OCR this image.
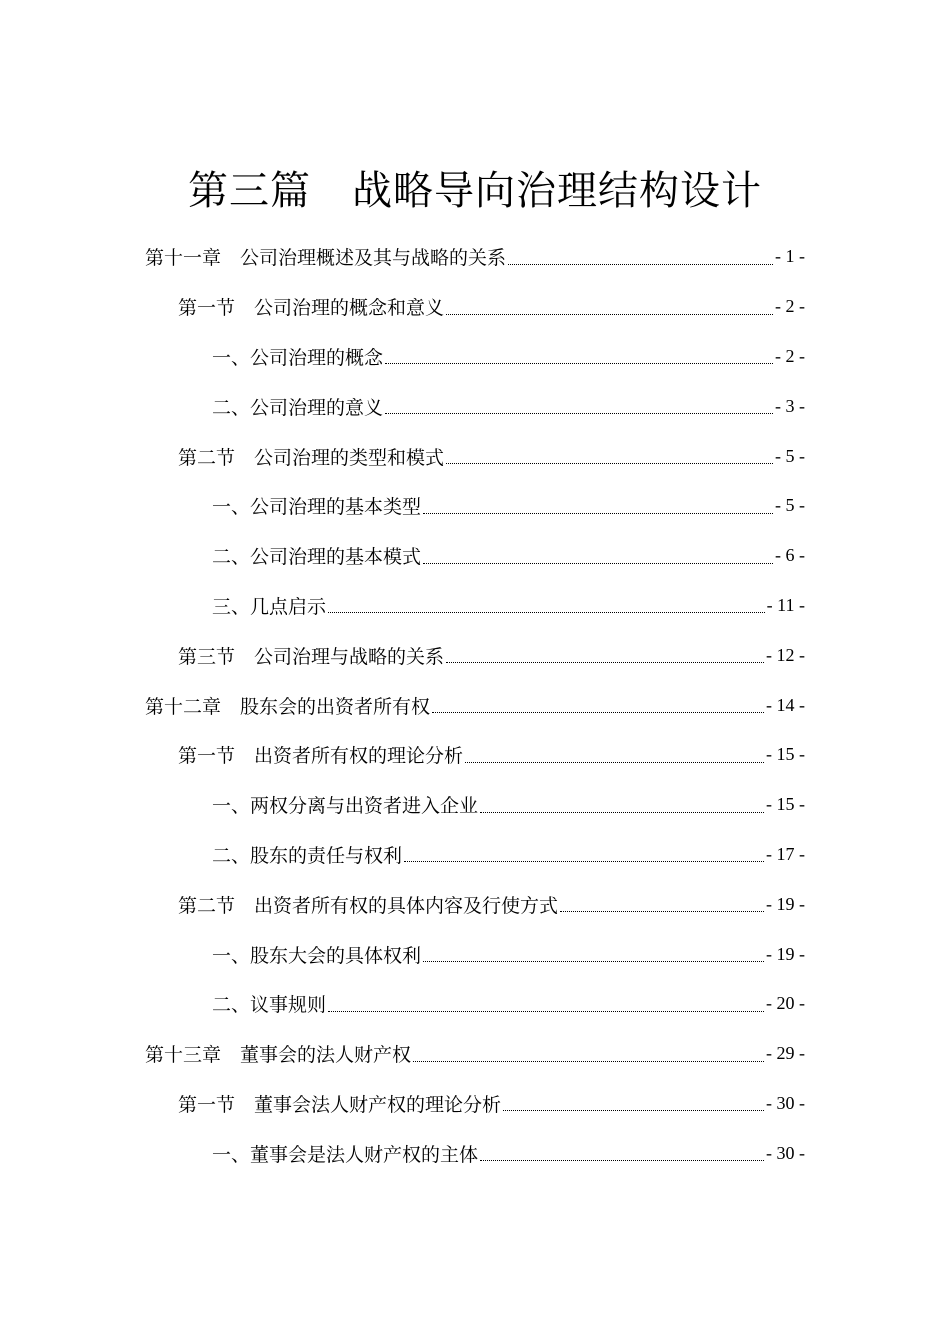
第三篇　战略导向治理结构设计
第十一章　公司治理概述及其与战略的关系	- 1 -
第一节　公司治理的概念和意义	- 2 -
一、公司治理的概念	- 2 -
二、公司治理的意义	- 3 -
第二节　公司治理的类型和模式	- 5 -
一、公司治理的基本类型	- 5 -
二、公司治理的基本模式	- 6 -
三、几点启示	- 11 -
第三节　公司治理与战略的关系	- 12 -
第十二章　股东会的出资者所有权	- 14 -
第一节　出资者所有权的理论分析	- 15 -
一、两权分离与出资者进入企业	- 15 -
二、股东的责任与权利	- 17 -
第二节　出资者所有权的具体内容及行使方式	- 19 -
一、股东大会的具体权利	- 19 -
二、议事规则	- 20 -
第十三章　董事会的法人财产权	- 29 -
第一节　董事会法人财产权的理论分析	- 30 -
一、董事会是法人财产权的主体	- 30 -
